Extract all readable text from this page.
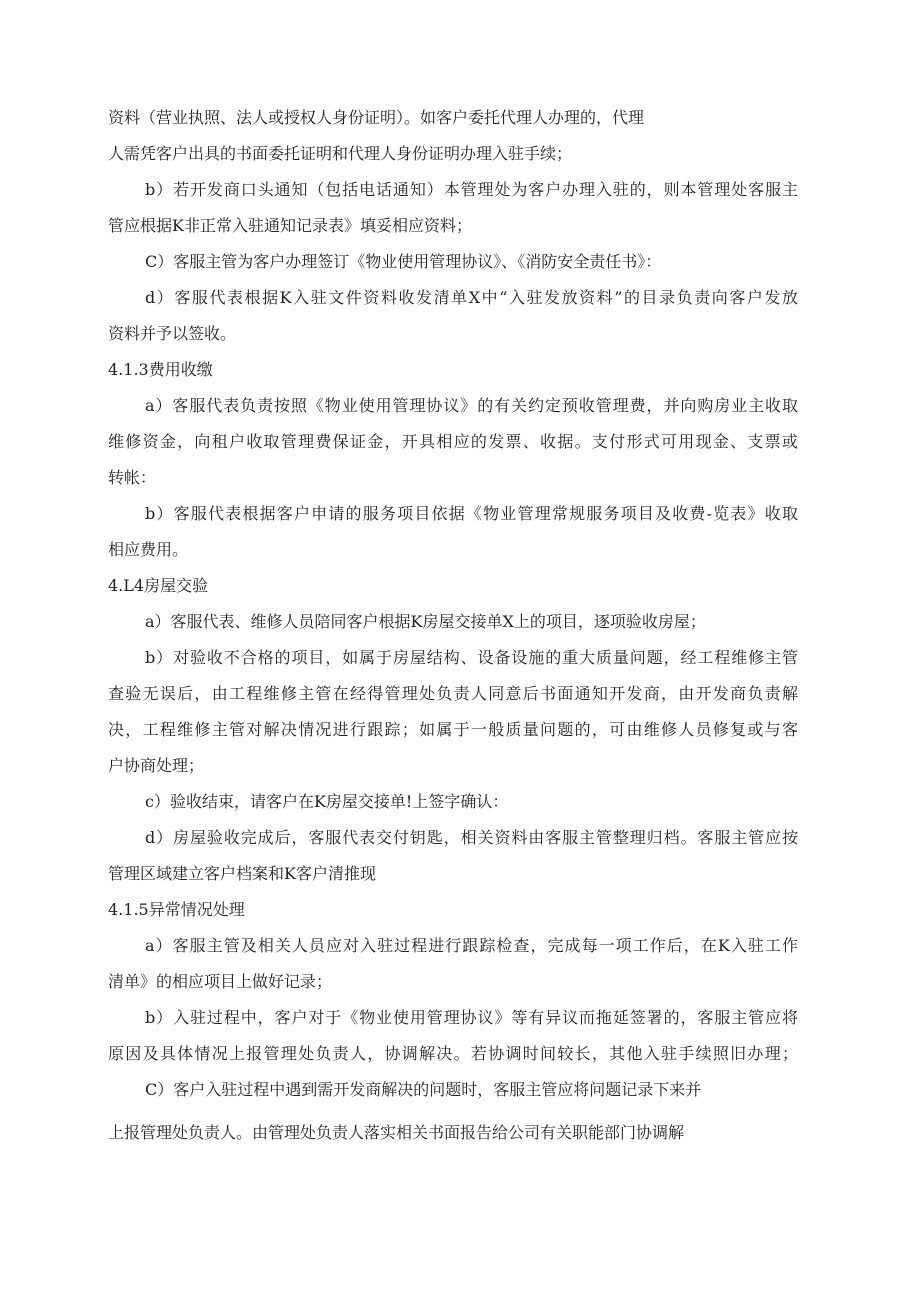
资料（营业执照、法人或授权人身份证明）。如客户委托代理人办理的，代理

人需凭客户出具的书面委托证明和代理人身份证明办理入驻手续；

b）若开发商口头通知（包括电话通知）本管理处为客户办理入驻的，则本管理处客服主

管应根据Κ非正常入驻通知记录表》填妥相应资料；

C）客服主管为客户办理签订《物业使用管理协议》、《消防安全责任书》：

d）客服代表根据Κ入驻文件资料收发清单Χ中“入驻发放资料”的目录负责向客户发放

资料并予以签收。

4.1.3费用收缴

a）客服代表负责按照《物业使用管理协议》的有关约定预收管理费，并向购房业主收取

维修资金，向租户收取管理费保证金，开具相应的发票、收据。支付形式可用现金、支票或

转帐：

b）客服代表根据客户申请的服务项目依据《物业管理常规服务项目及收费-览表》收取

相应费用。

4.L4房屋交验

a）客服代表、维修人员陪同客户根据Κ房屋交接单Χ上的项目，逐项验收房屋；

b）对验收不合格的项目，如属于房屋结构、设备设施的重大质量问题，经工程维修主管

查验无误后，由工程维修主管在经得管理处负责人同意后书面通知开发商，由开发商负责解

决，工程维修主管对解决情况进行跟踪；如属于一般质量问题的，可由维修人员修复或与客

户协商处理；

c）验收结束，请客户在Κ房屋交接单!上签字确认：

d）房屋验收完成后，客服代表交付钥匙，相关资料由客服主管整理归档。客服主管应按

管理区域建立客户档案和Κ客户清推现

4.1.5异常情况处理

a）客服主管及相关人员应对入驻过程进行跟踪检查，完成每一项工作后，在Κ入驻工作

清单》的相应项目上做好记录；

b）入驻过程中，客户对于《物业使用管理协议》等有异议而拖延签署的，客服主管应将

原因及具体情况上报管理处负责人，协调解决。若协调时间较长，其他入驻手续照旧办理；

C）客户入驻过程中遇到需开发商解决的问题时，客服主管应将问题记录下来并

上报管理处负责人。由管理处负责人落实相关书面报告给公司有关职能部门协调解
